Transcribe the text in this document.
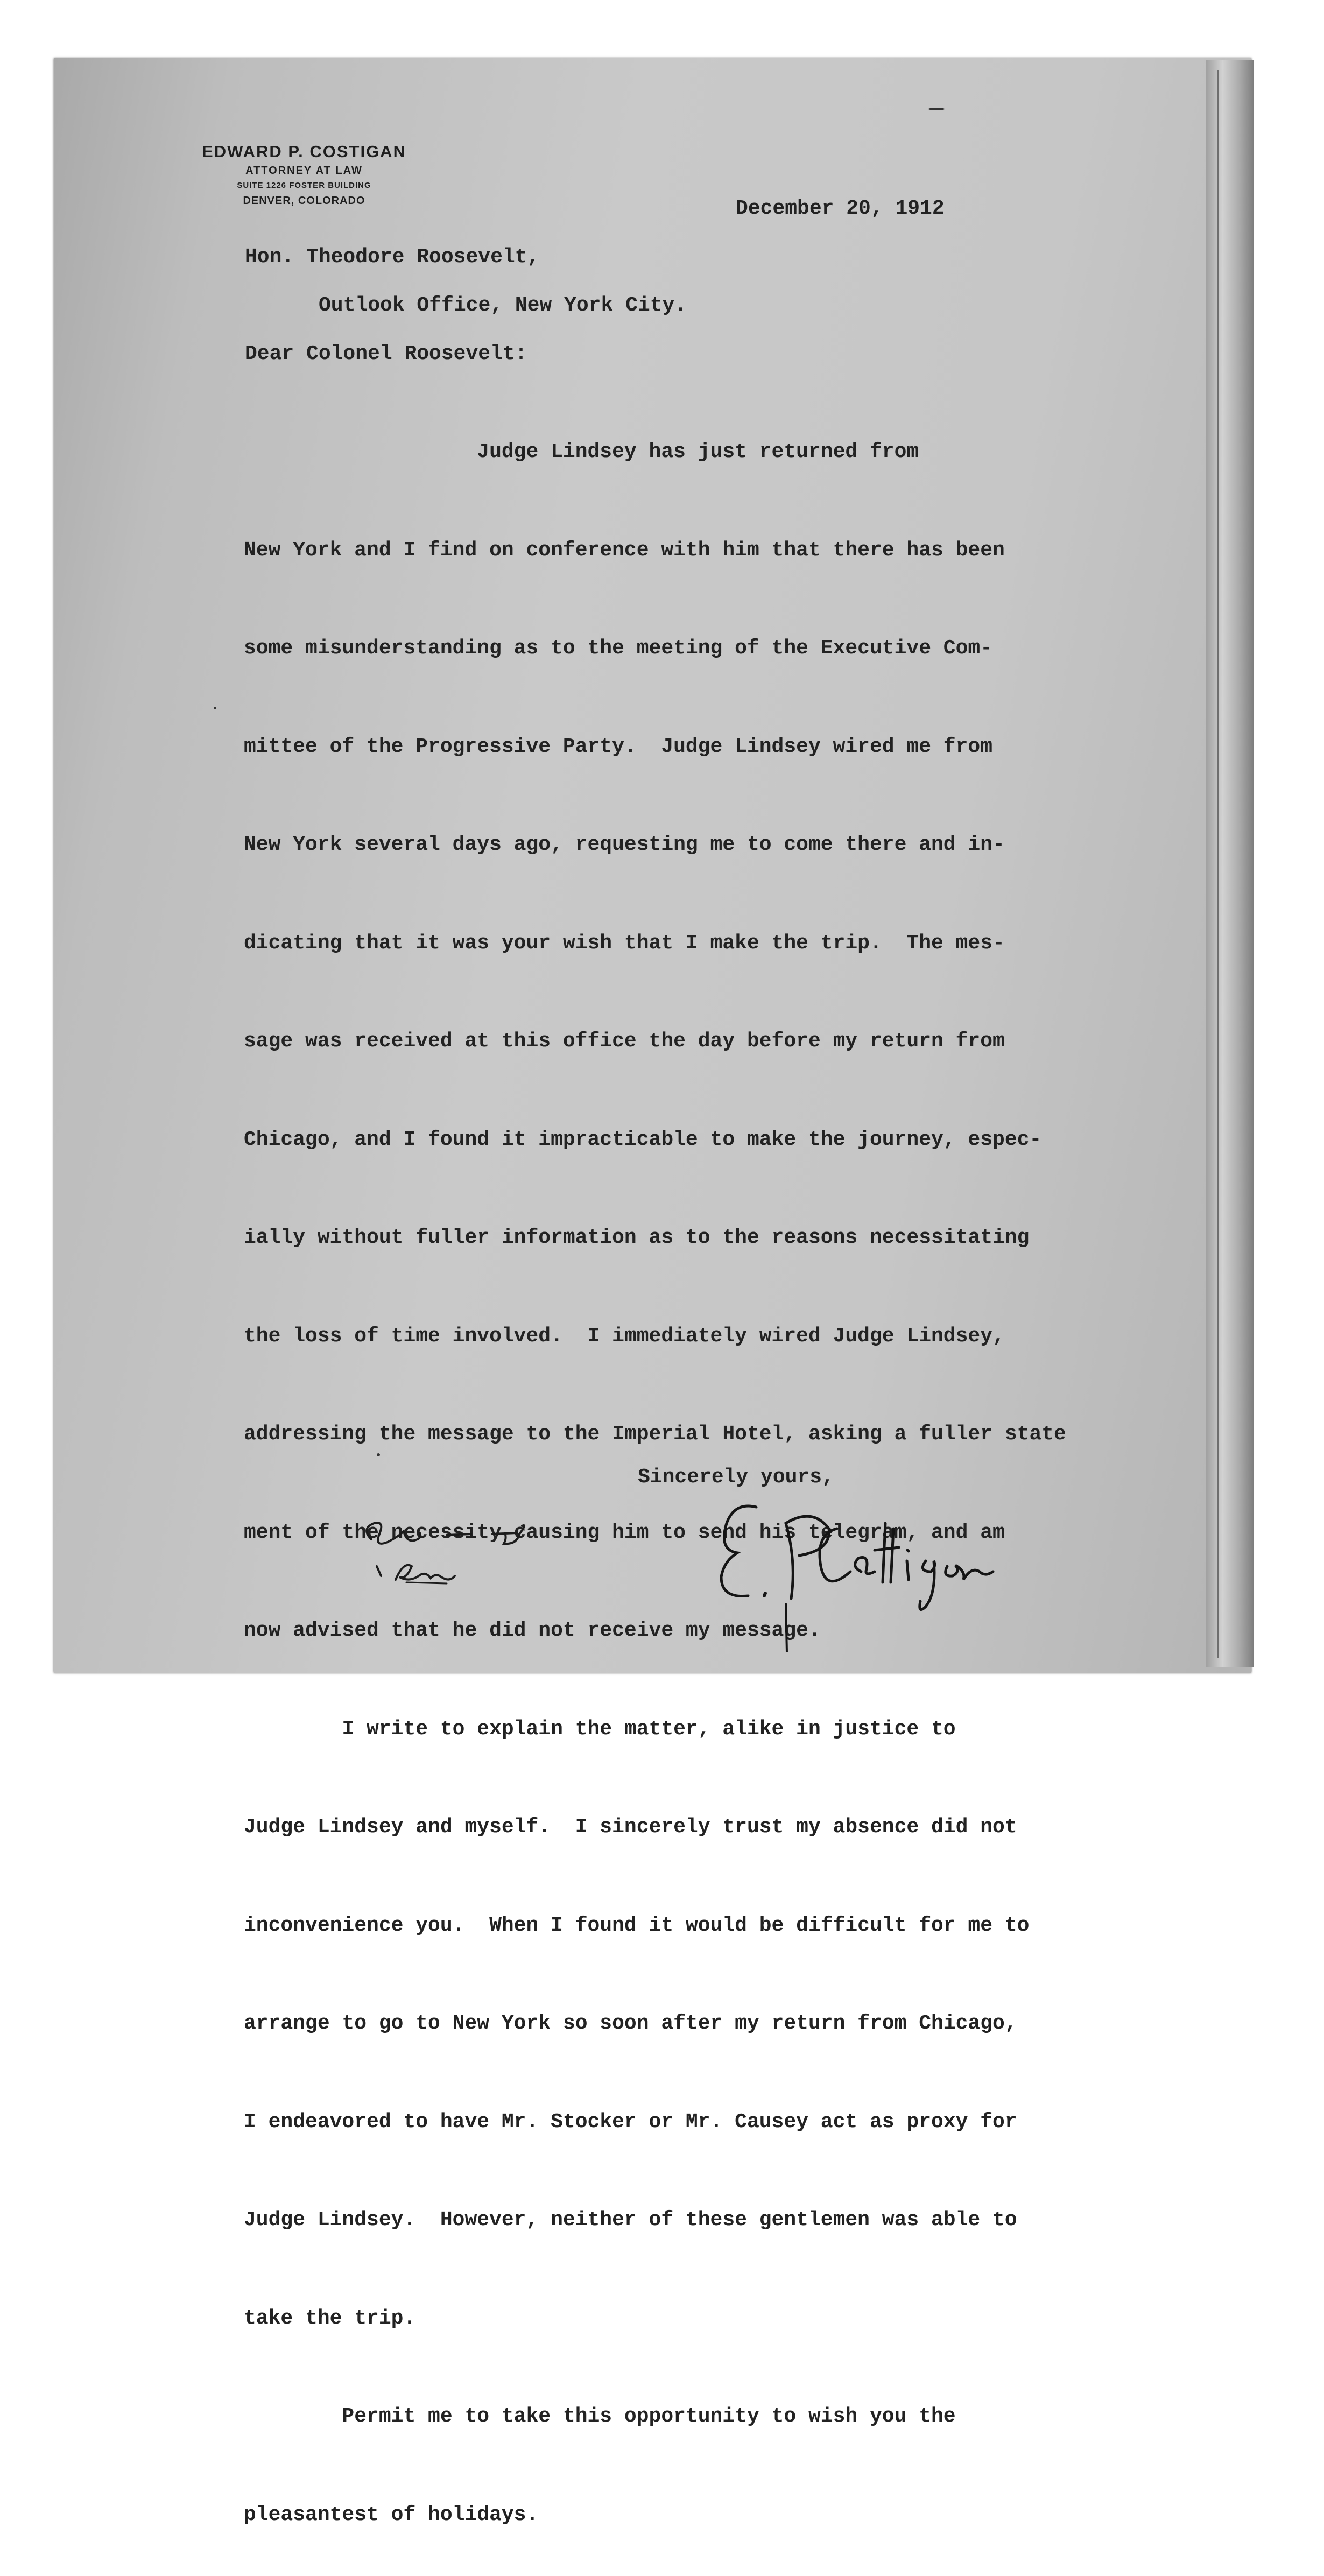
EDWARD P. COSTIGAN
ATTORNEY AT LAW
SUITE 1226 FOSTER BUILDING
DENVER, COLORADO	December 20, 1912
Hon. Theodore Roosevelt,
Outlook Office, New York City.
Dear Colonel Roosevelt:

Judge Lindsey has just returned from

New York and I find on conference with him that there has been

some misunderstanding as to the meeting of the Executive Com-

mittee of the Progressive Party.  Judge Lindsey wired me from

New York several days ago, requesting me to come there and in-

dicating that it was your wish that I make the trip.  The mes-

sage was received at this office the day before my return from

Chicago, and I found it impracticable to make the journey, espec-

ially without fuller information as to the reasons necessitating

the loss of time involved.  I immediately wired Judge Lindsey,

addressing the message to the Imperial Hotel, asking a fuller state

ment of the necessity causing him to send his telegram, and am

now advised that he did not receive my message.

I write to explain the matter, alike in justice to

Judge Lindsey and myself.  I sincerely trust my absence did not

inconvenience you.  When I found it would be difficult for me to

arrange to go to New York so soon after my return from Chicago,

I endeavored to have Mr. Stocker or Mr. Causey act as proxy for

Judge Lindsey.  However, neither of these gentlemen was able to

take the trip.

Permit me to take this opportunity to wish you the

pleasantest of holidays.

Sincerely yours,
